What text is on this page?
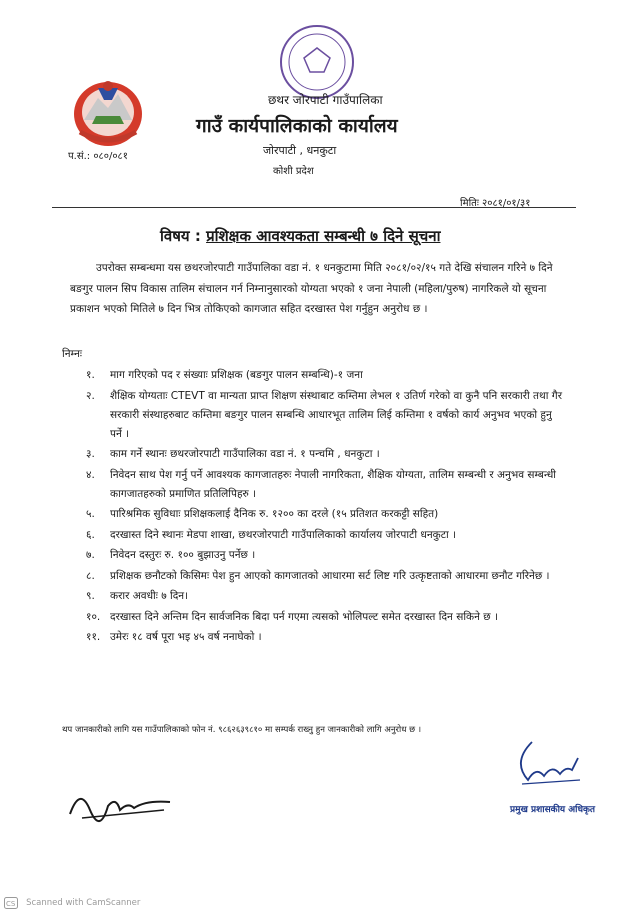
प.सं.: ०८०/०८१
छथर जोरपाटी गाउँपालिका
गाउँ कार्यपालिकाको कार्यालय
जोरपाटी , धनकुटा
कोशी प्रदेश
मितिः २०८१/०१/३१
विषय : प्रशिक्षक आवश्यकता सम्बन्धी ७ दिने सूचना
उपरोक्त सम्बन्धमा यस छथरजोरपाटी गाउँपालिका वडा नं. १ धनकुटामा मिति २०८१/०२/१५ गते देखि संचालन गरिने ७ दिने बङगुर पालन सिप विकास तालिम संचालन गर्न निम्नानुसारको योग्यता भएको १ जना नेपाली (महिला/पुरुष) नागरिकले यो सूचना प्रकाशन भएको मितिले ७ दिन भित्र तोकिएको कागजात सहित दरखास्त पेश गर्नुहुन अनुरोध छ ।
निम्नः
१.	माग गरिएको पद र संख्याः प्रशिक्षक (बङगुर पालन सम्बन्धि)-१ जना
२.	शैक्षिक योग्यताः CTEVT वा मान्यता प्राप्त शिक्षण संस्थाबाट कम्तिमा लेभल १ उतिर्ण गरेको वा कुनै पनि सरकारी तथा गैर सरकारी संस्थाहरुबाट कम्तिमा बङगुर पालन सम्बन्धि आधारभूत तालिम लिई कम्तिमा १ वर्षको कार्य अनुभव भएको हुनु पर्ने ।
३.	काम गर्ने स्थानः छथरजोरपाटी गाउँपालिका वडा नं. १ पन्चमि , धनकुटा ।
४.	निवेदन साथ पेश गर्नु पर्ने आवश्यक कागजातहरुः नेपाली नागरिकता, शैक्षिक योग्यता, तालिम सम्बन्धी र अनुभव सम्बन्धी कागजातहरुको प्रमाणित प्रतिलिपिहरु ।
५.	पारिश्रमिक सुविधाः प्रशिक्षकलाई दैनिक रु. १२०० का दरले (१५ प्रतिशत करकट्टी सहित)
६.	दरखास्त दिने स्थानः मेडपा शाखा, छथरजोरपाटी गाउँपालिकाको कार्यालय जोरपाटी धनकुटा ।
७.	निवेदन दस्तुरः रु. १०० बुझाउनु पर्नेछ ।
८.	प्रशिक्षक छनौटको किसिमः पेश हुन आएको कागजातको आधारमा सर्ट लिष्ट गरि उत्कृष्टताको आधारमा छनौट गरिनेछ ।
९.	करार अवधीः ७ दिन।
१०. दरखास्त दिने अन्तिम दिन सार्वजनिक बिदा पर्न गएमा त्यसको भोलिपल्ट समेत दरखास्त दिन सकिने छ ।
११. उमेरः १८ वर्ष पूरा भइ ४५ वर्ष ननाघेको ।
थप जानकारीको लागि यस गाउँपालिकाको फोन नं. ९८६२६३९८१० मा सम्पर्क राख्नु हुन जानकारीको लागि अनुरोध छ ।
प्रमुख प्रशासकीय अधिकृत
CS Scanned with CamScanner
